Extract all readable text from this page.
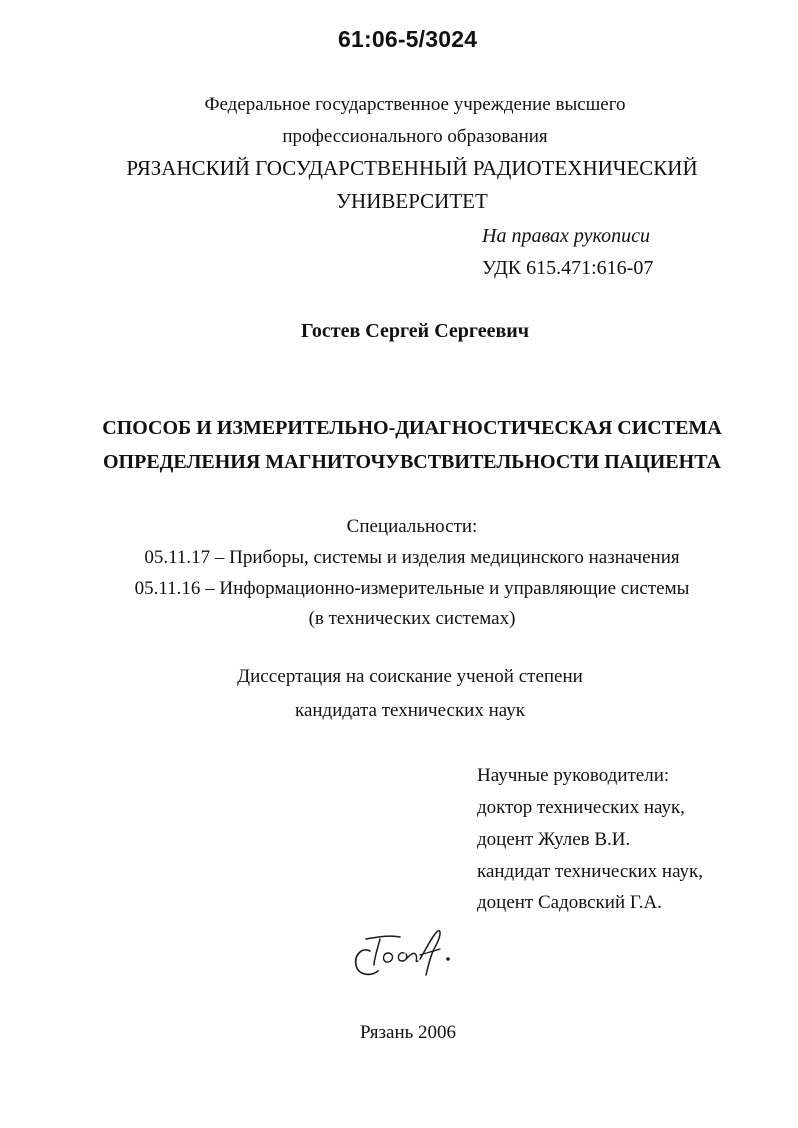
61:06-5/3024
Федеральное государственное учреждение высшего
профессионального образования
РЯЗАНСКИЙ ГОСУДАРСТВЕННЫЙ РАДИОТЕХНИЧЕСКИЙ
УНИВЕРСИТЕТ
На правах рукописи
УДК 615.471:616-07
Гостев Сергей Сергеевич
СПОСОБ И ИЗМЕРИТЕЛЬНО-ДИАГНОСТИЧЕСКАЯ СИСТЕМА
ОПРЕДЕЛЕНИЯ МАГНИТОЧУВСТВИТЕЛЬНОСТИ ПАЦИЕНТА
Специальности:
05.11.17 – Приборы, системы и изделия медицинского назначения
05.11.16 – Информационно-измерительные и управляющие системы
(в технических системах)
Диссертация на соискание ученой степени
кандидата технических наук
Научные руководители:
доктор технических наук,
доцент Жулев В.И.
кандидат технических наук,
доцент Садовский Г.А.
Рязань 2006
